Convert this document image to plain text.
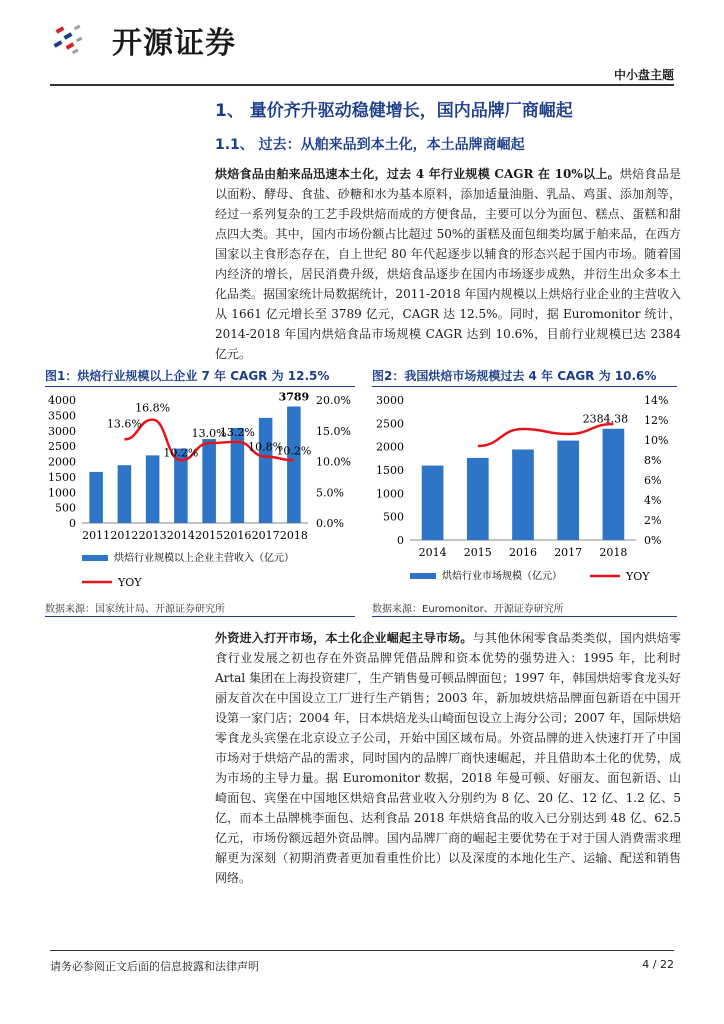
开源证券
中小盘主题
1、 量价齐升驱动稳健增长，国内品牌厂商崛起
1.1、 过去：从舶来品到本土化，本土品牌商崛起
烘焙食品由舶来品迅速本土化，过去 4 年行业规模 CAGR 在 10%以上。烘焙食品是以面粉、酵母、食盐、砂糖和水为基本原料，添加适量油脂、乳品、鸡蛋、添加剂等，经过一系列复杂的工艺手段烘焙而成的方便食品，主要可以分为面包、糕点、蛋糕和甜点四大类。其中，国内市场份额占比超过 50%的蛋糕及面包细类均属于舶来品，在西方国家以主食形态存在，自上世纪 80 年代起逐步以辅食的形态兴起于国内市场。随着国内经济的增长，居民消费升级，烘焙食品逐步在国内市场逐步成熟，并衍生出众多本土化品类。据国家统计局数据统计，2011-2018 年国内规模以上烘焙行业企业的主营收入从 1661 亿元增长至 3789 亿元，CAGR 达 12.5%。同时，据 Euromonitor 统计，2014-2018 年国内烘焙食品市场规模 CAGR 达到 10.6%，目前行业规模已达 2384 亿元。
图1：烘焙行业规模以上企业 7 年 CAGR 为 12.5%	图2：我国烘焙市场规模过去 4 年 CAGR 为 10.6%
0
500
1000
1500
2000
2500
3000
3500
4000
0.0%
5.0%
10.0%
15.0%
20.0%
2011 2012 2013 2014 2015 2016 2017 2018
3789
13.6%
16.8%
10.2%
13.0%
13.2%
10.8%
10.2%
烘焙行业规模以上企业主营收入（亿元）
YOY
0
500
1000
1500
2000
2500
3000
0%
2%
4%
6%
8%
10%
12%
14%
2014 2015 2016 2017 2018
2384.38
烘焙行业市场规模（亿元）	YOY
数据来源：国家统计局、开源证券研究所	数据来源：Euromonitor、开源证券研究所
外资进入打开市场，本土化企业崛起主导市场。与其他休闲零食品类类似，国内烘焙零食行业发展之初也存在外资品牌凭借品牌和资本优势的强势进入：1995 年，比利时 Artal 集团在上海投资建厂，生产销售曼可顿品牌面包；1997 年，韩国烘焙零食龙头好丽友首次在中国设立工厂进行生产销售；2003 年，新加坡烘焙品牌面包新语在中国开设第一家门店；2004 年，日本烘焙龙头山崎面包设立上海分公司；2007 年，国际烘焙零食龙头宾堡在北京设立子公司，开始中国区域布局。外资品牌的进入快速打开了中国市场对于烘焙产品的需求，同时国内的品牌厂商快速崛起，并且借助本土化的优势，成为市场的主导力量。据 Euromonitor 数据，2018 年曼可顿、好丽友、面包新语、山崎面包、宾堡在中国地区烘焙食品营业收入分别约为 8 亿、20 亿、12 亿、1.2 亿、5 亿，而本土品牌桃李面包、达利食品 2018 年烘焙食品的收入已分别达到 48 亿、62.5 亿元，市场份额远超外资品牌。国内品牌厂商的崛起主要优势在于对于国人消费需求理解更为深刻（初期消费者更加看重性价比）以及深度的本地化生产、运输、配送和销售网络。
请务必参阅正文后面的信息披露和法律声明	4 / 22
